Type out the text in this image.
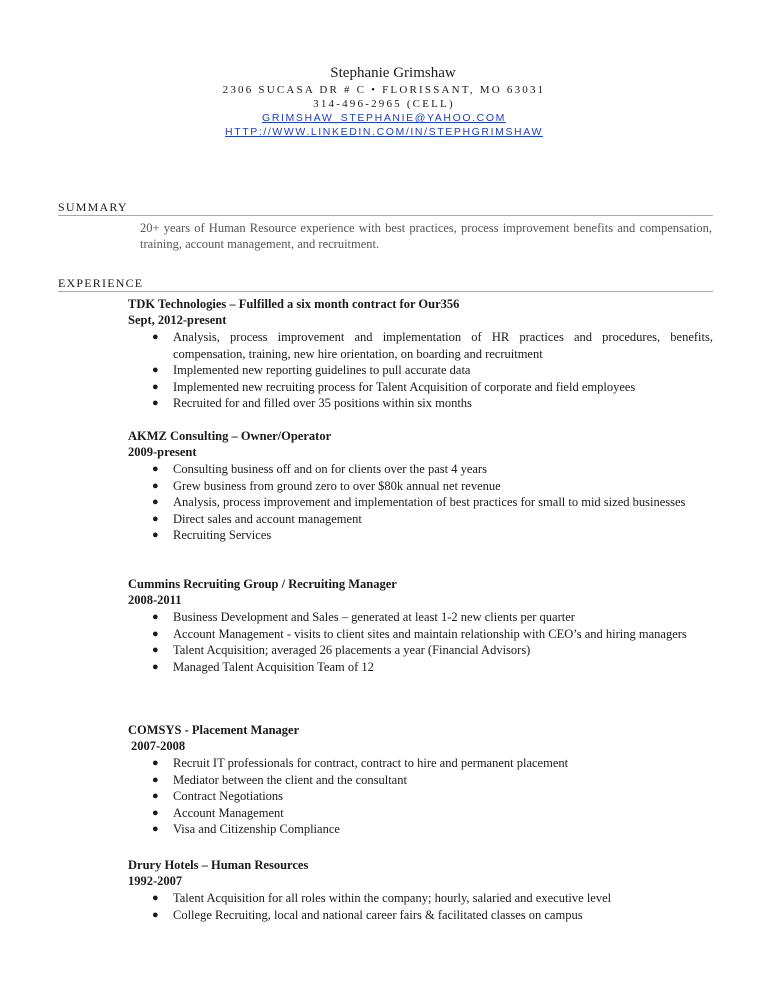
Stephanie Grimshaw
2306 SUCASA DR # C • FLORISSANT, MO 63031
314-496-2965 (CELL)
GRIMSHAW_STEPHANIE@YAHOO.COM
HTTP://WWW.LINKEDIN.COM/IN/STEPHGRIMSHAW
SUMMARY
20+ years of Human Resource experience with best practices, process improvement benefits and compensation, training, account management, and recruitment.
EXPERIENCE
TDK Technologies – Fulfilled a six month contract for Our356
Sept, 2012-present
● Analysis, process improvement and implementation of HR practices and procedures, benefits, compensation, training, new hire orientation, on boarding and recruitment
● Implemented new reporting guidelines to pull accurate data
● Implemented new recruiting process for Talent Acquisition of corporate and field employees
● Recruited for and filled over 35 positions within six months
AKMZ Consulting – Owner/Operator
2009-present
● Consulting business off and on for clients over the past 4 years
● Grew business from ground zero to over $80k annual net revenue
● Analysis, process improvement and implementation of best practices for small to mid sized businesses
● Direct sales and account management
● Recruiting Services
Cummins Recruiting Group / Recruiting Manager
2008-2011
● Business Development and Sales – generated at least 1-2 new clients per quarter
● Account Management - visits to client sites and maintain relationship with CEO’s and hiring managers
● Talent Acquisition; averaged 26 placements a year (Financial Advisors)
● Managed Talent Acquisition Team of 12
COMSYS - Placement Manager
2007-2008
● Recruit IT professionals for contract, contract to hire and permanent placement
● Mediator between the client and the consultant
● Contract Negotiations
● Account Management
● Visa and Citizenship Compliance
Drury Hotels – Human Resources
1992-2007
● Talent Acquisition for all roles within the company; hourly, salaried and executive level
● College Recruiting, local and national career fairs & facilitated classes on campus
